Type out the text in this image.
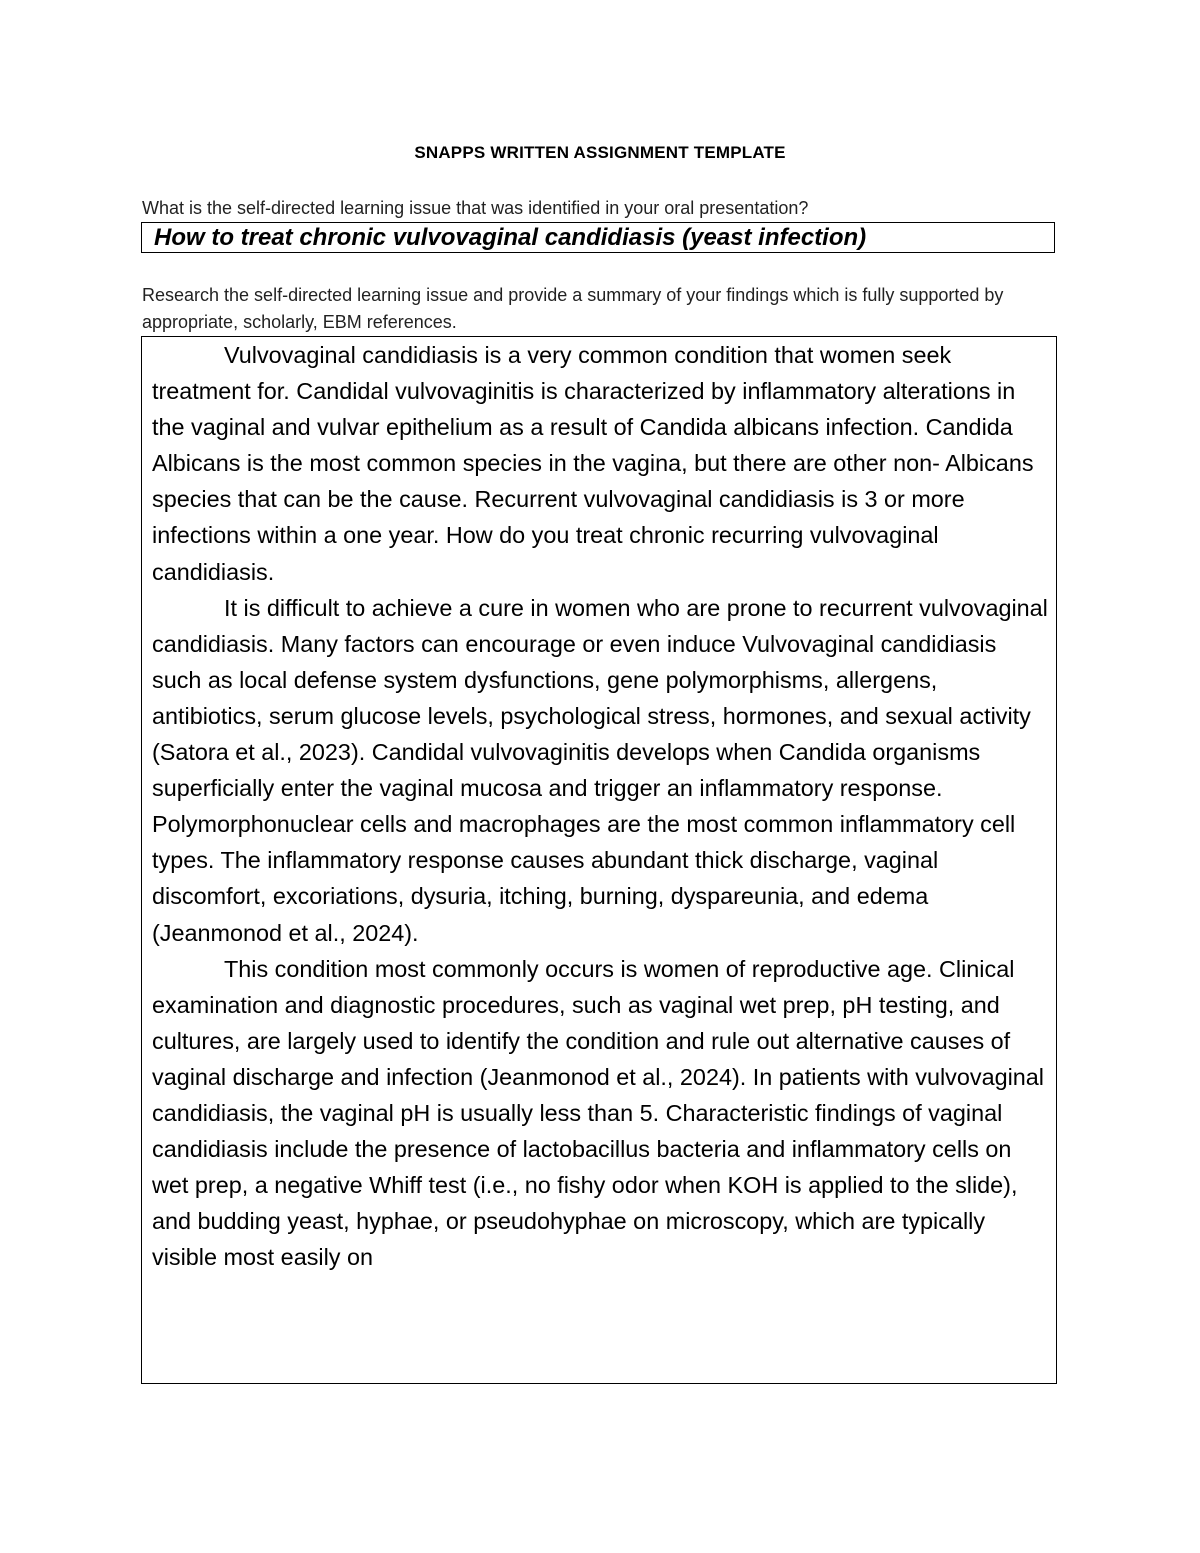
SNAPPS WRITTEN ASSIGNMENT TEMPLATE
What is the self-directed learning issue that was identified in your oral presentation?
How to treat chronic vulvovaginal candidiasis (yeast infection)
Research the self-directed learning issue and provide a summary of your findings which is fully supported by appropriate, scholarly, EBM references.

Vulvovaginal candidiasis is a very common condition that women seek treatment for. Candidal vulvovaginitis is characterized by inflammatory alterations in the vaginal and vulvar epithelium as a result of Candida albicans infection. Candida Albicans is the most common species in the vagina, but there are other non- Albicans species that can be the cause. Recurrent vulvovaginal candidiasis is 3 or more infections within a one year. How do you treat chronic recurring vulvovaginal candidiasis.

It is difficult to achieve a cure in women who are prone to recurrent vulvovaginal candidiasis. Many factors can encourage or even induce Vulvovaginal candidiasis such as local defense system dysfunctions, gene polymorphisms, allergens, antibiotics, serum glucose levels, psychological stress, hormones, and sexual activity (Satora et al., 2023). Candidal vulvovaginitis develops when Candida organisms superficially enter the vaginal mucosa and trigger an inflammatory response. Polymorphonuclear cells and macrophages are the most common inflammatory cell types. The inflammatory response causes abundant thick discharge, vaginal discomfort, excoriations, dysuria, itching, burning, dyspareunia, and edema (Jeanmonod et al., 2024).

This condition most commonly occurs is women of reproductive age. Clinical examination and diagnostic procedures, such as vaginal wet prep, pH testing, and cultures, are largely used to identify the condition and rule out alternative causes of vaginal discharge and infection (Jeanmonod et al., 2024). In patients with vulvovaginal candidiasis, the vaginal pH is usually less than 5. Characteristic findings of vaginal candidiasis include the presence of lactobacillus bacteria and inflammatory cells on wet prep, a negative Whiff test (i.e., no fishy odor when KOH is applied to the slide), and budding yeast, hyphae, or pseudohyphae on microscopy, which are typically visible most easily on
